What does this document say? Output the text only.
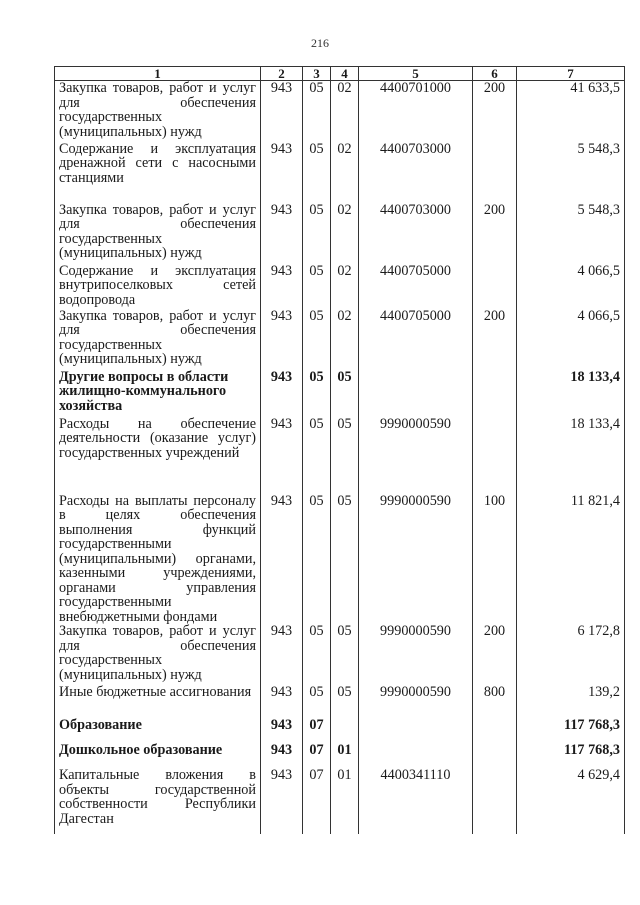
216
1	2	3	4	5	6	7
Закупка товаров, работ и услуг для обеспечения государственных (муниципальных) нужд	943	05	02	4400701000	200	41 633,5
Содержание и эксплуатация дренажной сети с насосными станциями	943	05	02	4400703000		5 548,3
Закупка товаров, работ и услуг для обеспечения государственных (муниципальных) нужд	943	05	02	4400703000	200	5 548,3
Содержание и эксплуатация внутрипоселковых сетей водопровода	943	05	02	4400705000		4 066,5
Закупка товаров, работ и услуг для обеспечения государственных (муниципальных) нужд	943	05	02	4400705000	200	4 066,5
Другие вопросы в области жилищно-коммунального хозяйства	943	05	05			18 133,4
Расходы на обеспечение деятельности (оказание услуг) государственных учреждений	943	05	05	9990000590		18 133,4
Расходы на выплаты персоналу в целях обеспечения выполнения функций государственными (муниципальными) органами, казенными учреждениями, органами управления государственными внебюджетными фондами	943	05	05	9990000590	100	11 821,4
Закупка товаров, работ и услуг для обеспечения государственных (муниципальных) нужд	943	05	05	9990000590	200	6 172,8
Иные бюджетные ассигнования	943	05	05	9990000590	800	139,2
Образование	943	07				117 768,3
Дошкольное образование	943	07	01			117 768,3
Капитальные вложения в объекты государственной собственности Республики Дагестан	943	07	01	4400341110		4 629,4
